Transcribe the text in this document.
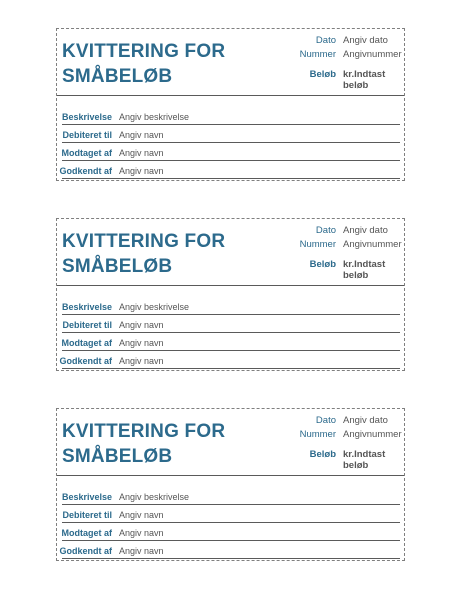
KVITTERING FOR
SMÅBELØB
Dato Angiv dato
Nummer Angivnummer
Beløb kr.Indtast beløb
Beskrivelse Angiv beskrivelse
Debiteret til Angiv navn
Modtaget af Angiv navn
Godkendt af Angiv navn
KVITTERING FOR
SMÅBELØB
Dato Angiv dato
Nummer Angivnummer
Beløb kr.Indtast beløb
Beskrivelse Angiv beskrivelse
Debiteret til Angiv navn
Modtaget af Angiv navn
Godkendt af Angiv navn
KVITTERING FOR
SMÅBELØB
Dato Angiv dato
Nummer Angivnummer
Beløb kr.Indtast beløb
Beskrivelse Angiv beskrivelse
Debiteret til Angiv navn
Modtaget af Angiv navn
Godkendt af Angiv navn
